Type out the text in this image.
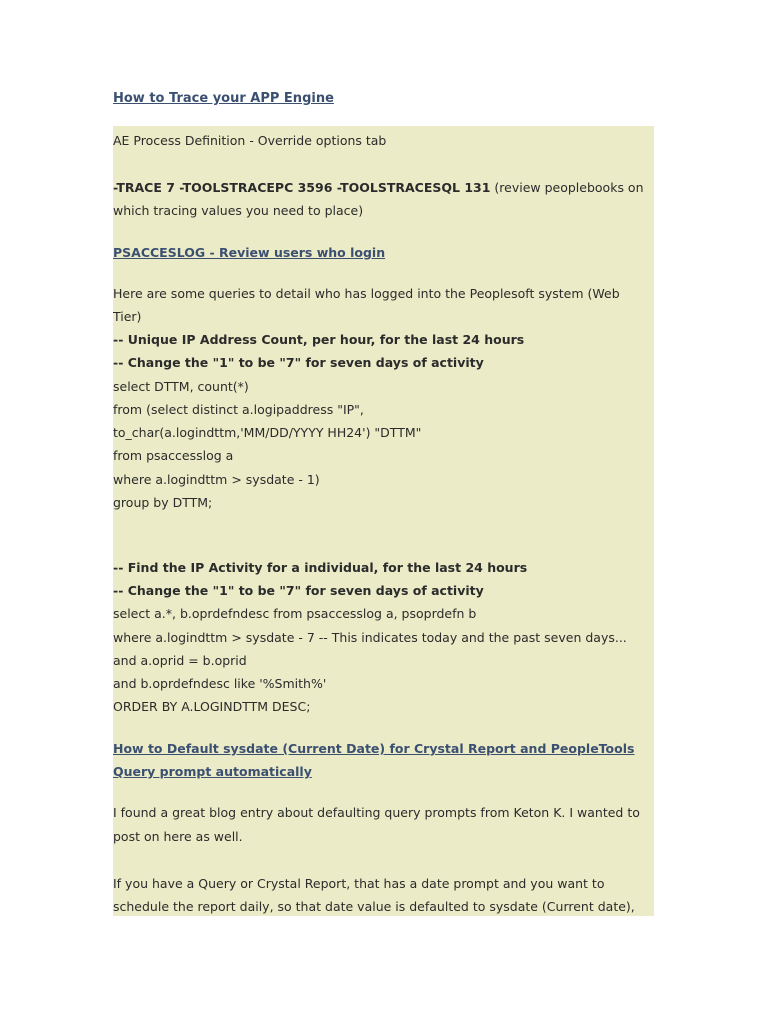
How to Trace your APP Engine
AE Process Definition - Override options tab
-TRACE 7 -TOOLSTRACEPC 3596 -TOOLSTRACESQL 131 (review peoplebooks on
which tracing values you need to place)
PSACCESLOG - Review users who login
Here are some queries to detail who has logged into the Peoplesoft system (Web
Tier)
-- Unique IP Address Count, per hour, for the last 24 hours
-- Change the "1" to be "7" for seven days of activity
select DTTM, count(*)
from (select distinct a.logipaddress "IP",
to_char(a.logindttm,'MM/DD/YYYY HH24') "DTTM"
from psaccesslog a
where a.logindttm > sysdate - 1)
group by DTTM;
-- Find the IP Activity for a individual, for the last 24 hours
-- Change the "1" to be "7" for seven days of activity
select a.*, b.oprdefndesc from psaccesslog a, psoprdefn b
where a.logindttm > sysdate - 7 -- This indicates today and the past seven days...
and a.oprid = b.oprid
and b.oprdefndesc like '%Smith%'
ORDER BY A.LOGINDTTM DESC;
How to Default sysdate (Current Date) for Crystal Report and PeopleTools
Query prompt automatically
I found a great blog entry about defaulting query prompts from Keton K. I wanted to
post on here as well.
If you have a Query or Crystal Report, that has a date prompt and you want to
schedule the report daily, so that date value is defaulted to sysdate (Current date),
